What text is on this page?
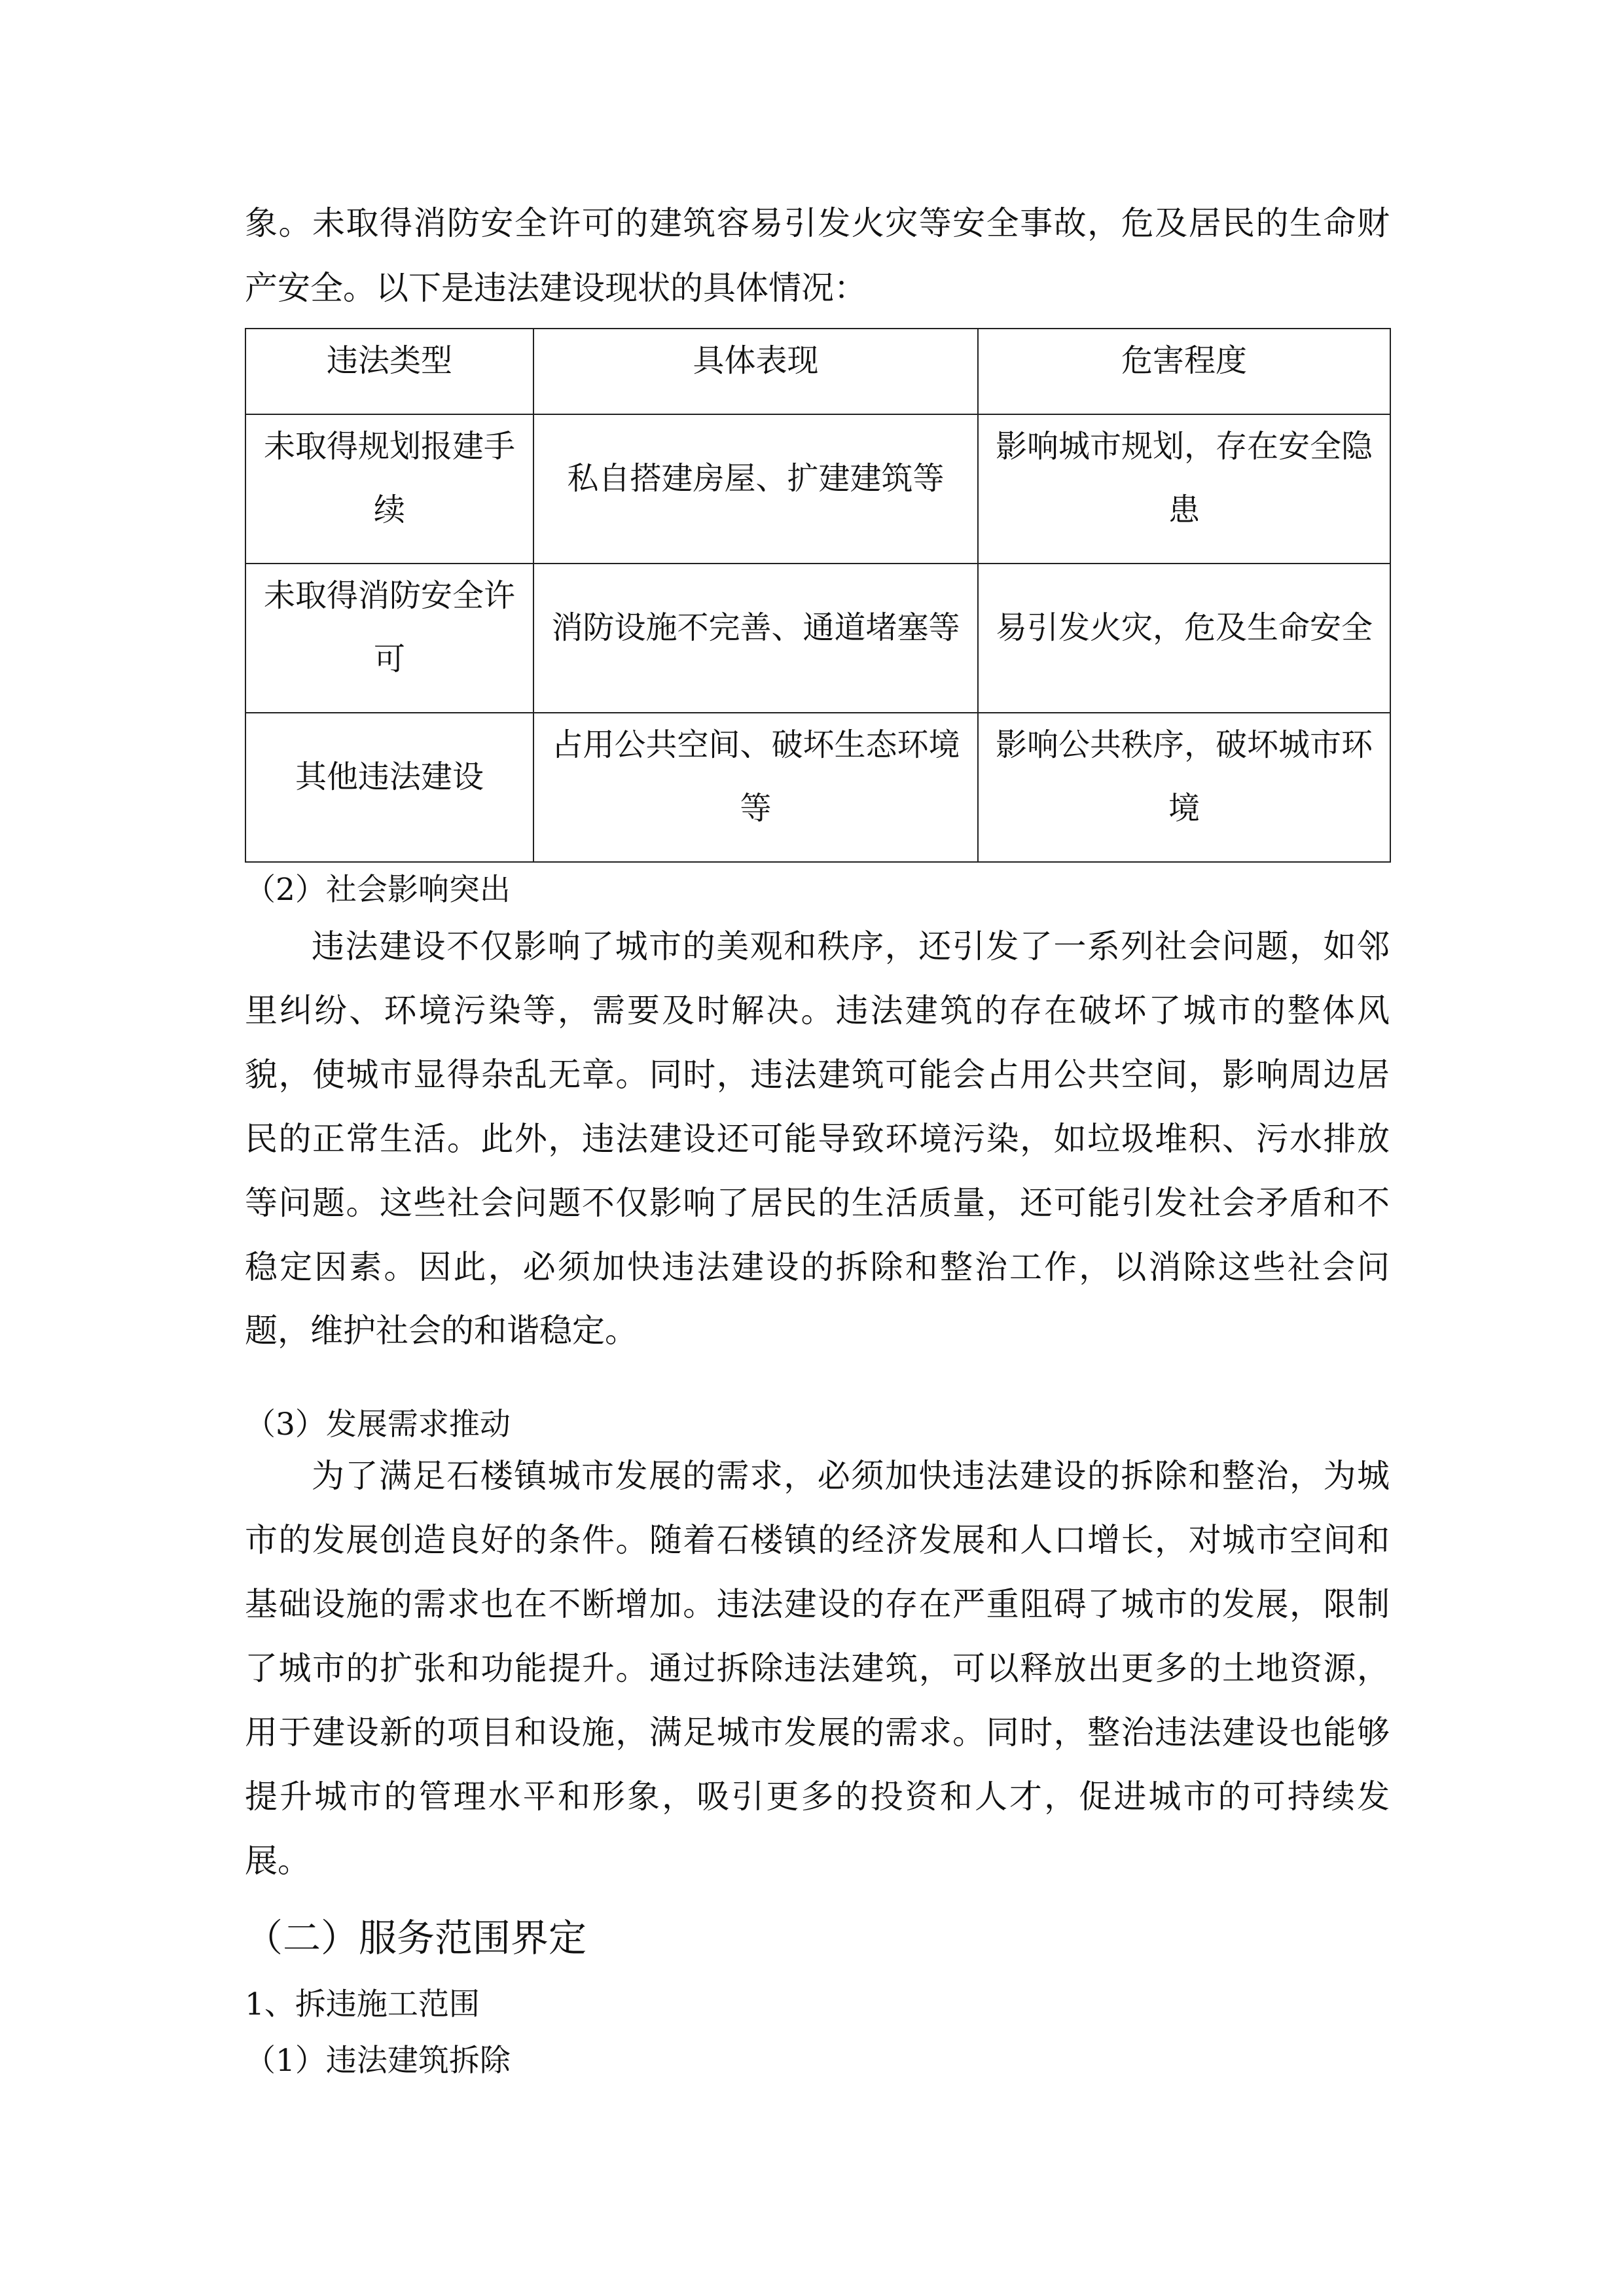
象。未取得消防安全许可的建筑容易引发火灾等安全事故，危及居民的生命财
产安全。以下是违法建设现状的具体情况：
违法类型	具体表现	危害程度
未取得规划报建手续	私自搭建房屋、扩建建筑等	影响城市规划，存在安全隐患
未取得消防安全许可	消防设施不完善、通道堵塞等	易引发火灾，危及生命安全
其他违法建设	占用公共空间、破坏生态环境等	影响公共秩序，破坏城市环境
（2）社会影响突出
违法建设不仅影响了城市的美观和秩序，还引发了一系列社会问题，如邻
里纠纷、环境污染等，需要及时解决。违法建筑的存在破坏了城市的整体风
貌，使城市显得杂乱无章。同时，违法建筑可能会占用公共空间，影响周边居
民的正常生活。此外，违法建设还可能导致环境污染，如垃圾堆积、污水排放
等问题。这些社会问题不仅影响了居民的生活质量，还可能引发社会矛盾和不
稳定因素。因此，必须加快违法建设的拆除和整治工作，以消除这些社会问
题，维护社会的和谐稳定。
（3）发展需求推动
为了满足石楼镇城市发展的需求，必须加快违法建设的拆除和整治，为城
市的发展创造良好的条件。随着石楼镇的经济发展和人口增长，对城市空间和
基础设施的需求也在不断增加。违法建设的存在严重阻碍了城市的发展，限制
了城市的扩张和功能提升。通过拆除违法建筑，可以释放出更多的土地资源，
用于建设新的项目和设施，满足城市发展的需求。同时，整治违法建设也能够
提升城市的管理水平和形象，吸引更多的投资和人才，促进城市的可持续发
展。
（二）服务范围界定
1、拆违施工范围
（1）违法建筑拆除
